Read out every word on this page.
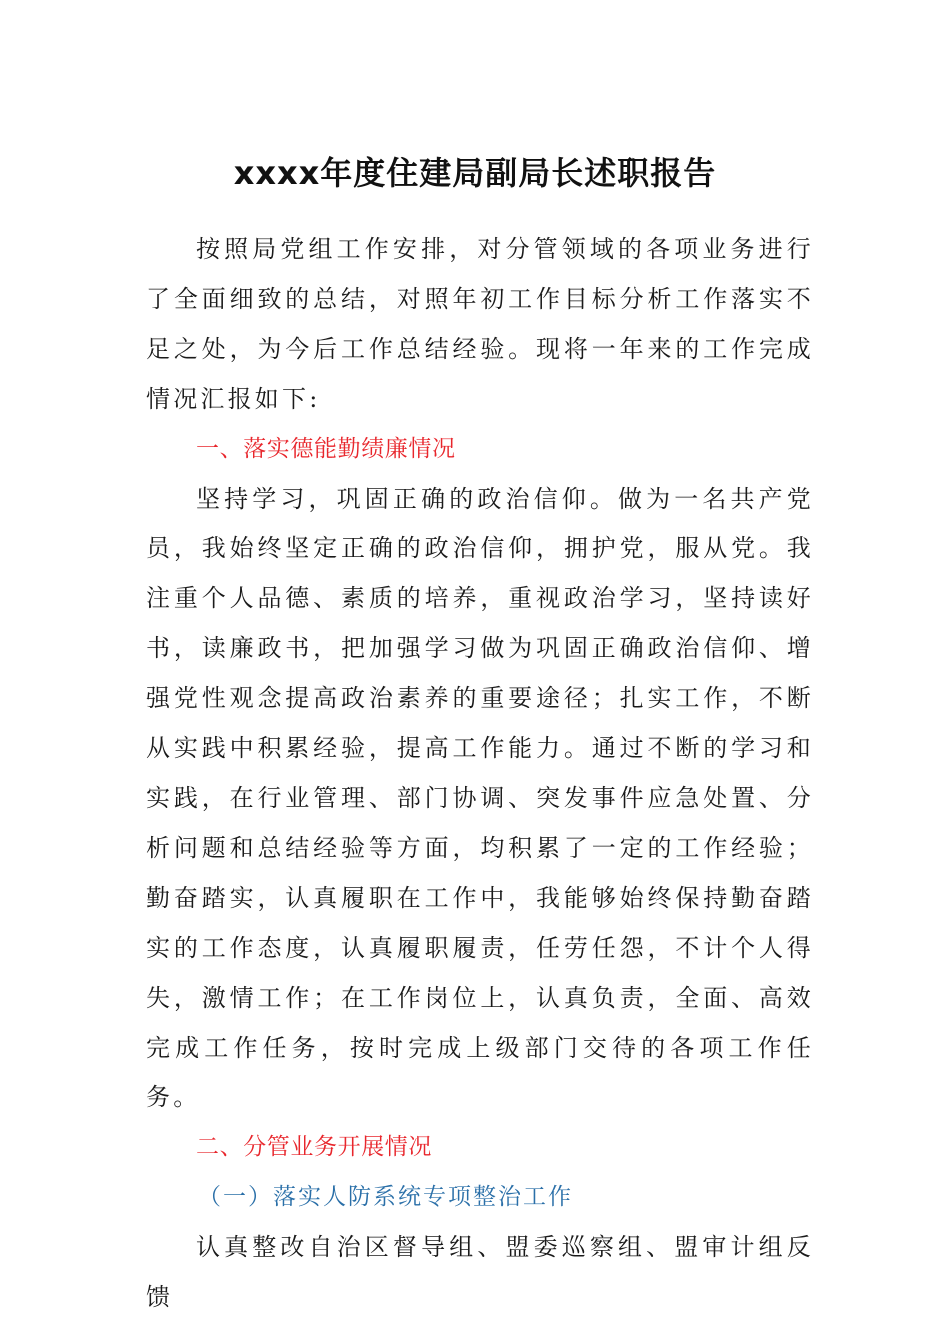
xxxx年度住建局副局长述职报告

按照局党组工作安排，对分管领域的各项业务进行了全面细致的总结，对照年初工作目标分析工作落实不足之处，为今后工作总结经验。现将一年来的工作完成情况汇报如下:

一、落实德能勤绩廉情况

坚持学习，巩固正确的政治信仰。做为一名共产党员，我始终坚定正确的政治信仰，拥护党，服从党。我注重个人品德、素质的培养，重视政治学习，坚持读好书，读廉政书，把加强学习做为巩固正确政治信仰、增强党性观念提高政治素养的重要途径；扎实工作，不断从实践中积累经验，提高工作能力。通过不断的学习和实践，在行业管理、部门协调、突发事件应急处置、分析问题和总结经验等方面，均积累了一定的工作经验；勤奋踏实，认真履职在工作中，我能够始终保持勤奋踏实的工作态度，认真履职履责，任劳任怨，不计个人得失，激情工作；在工作岗位上，认真负责，全面、高效完成工作任务，按时完成上级部门交待的各项工作任务。

二、分管业务开展情况

（一）落实人防系统专项整治工作

认真整改自治区督导组、盟委巡察组、盟审计组反馈
